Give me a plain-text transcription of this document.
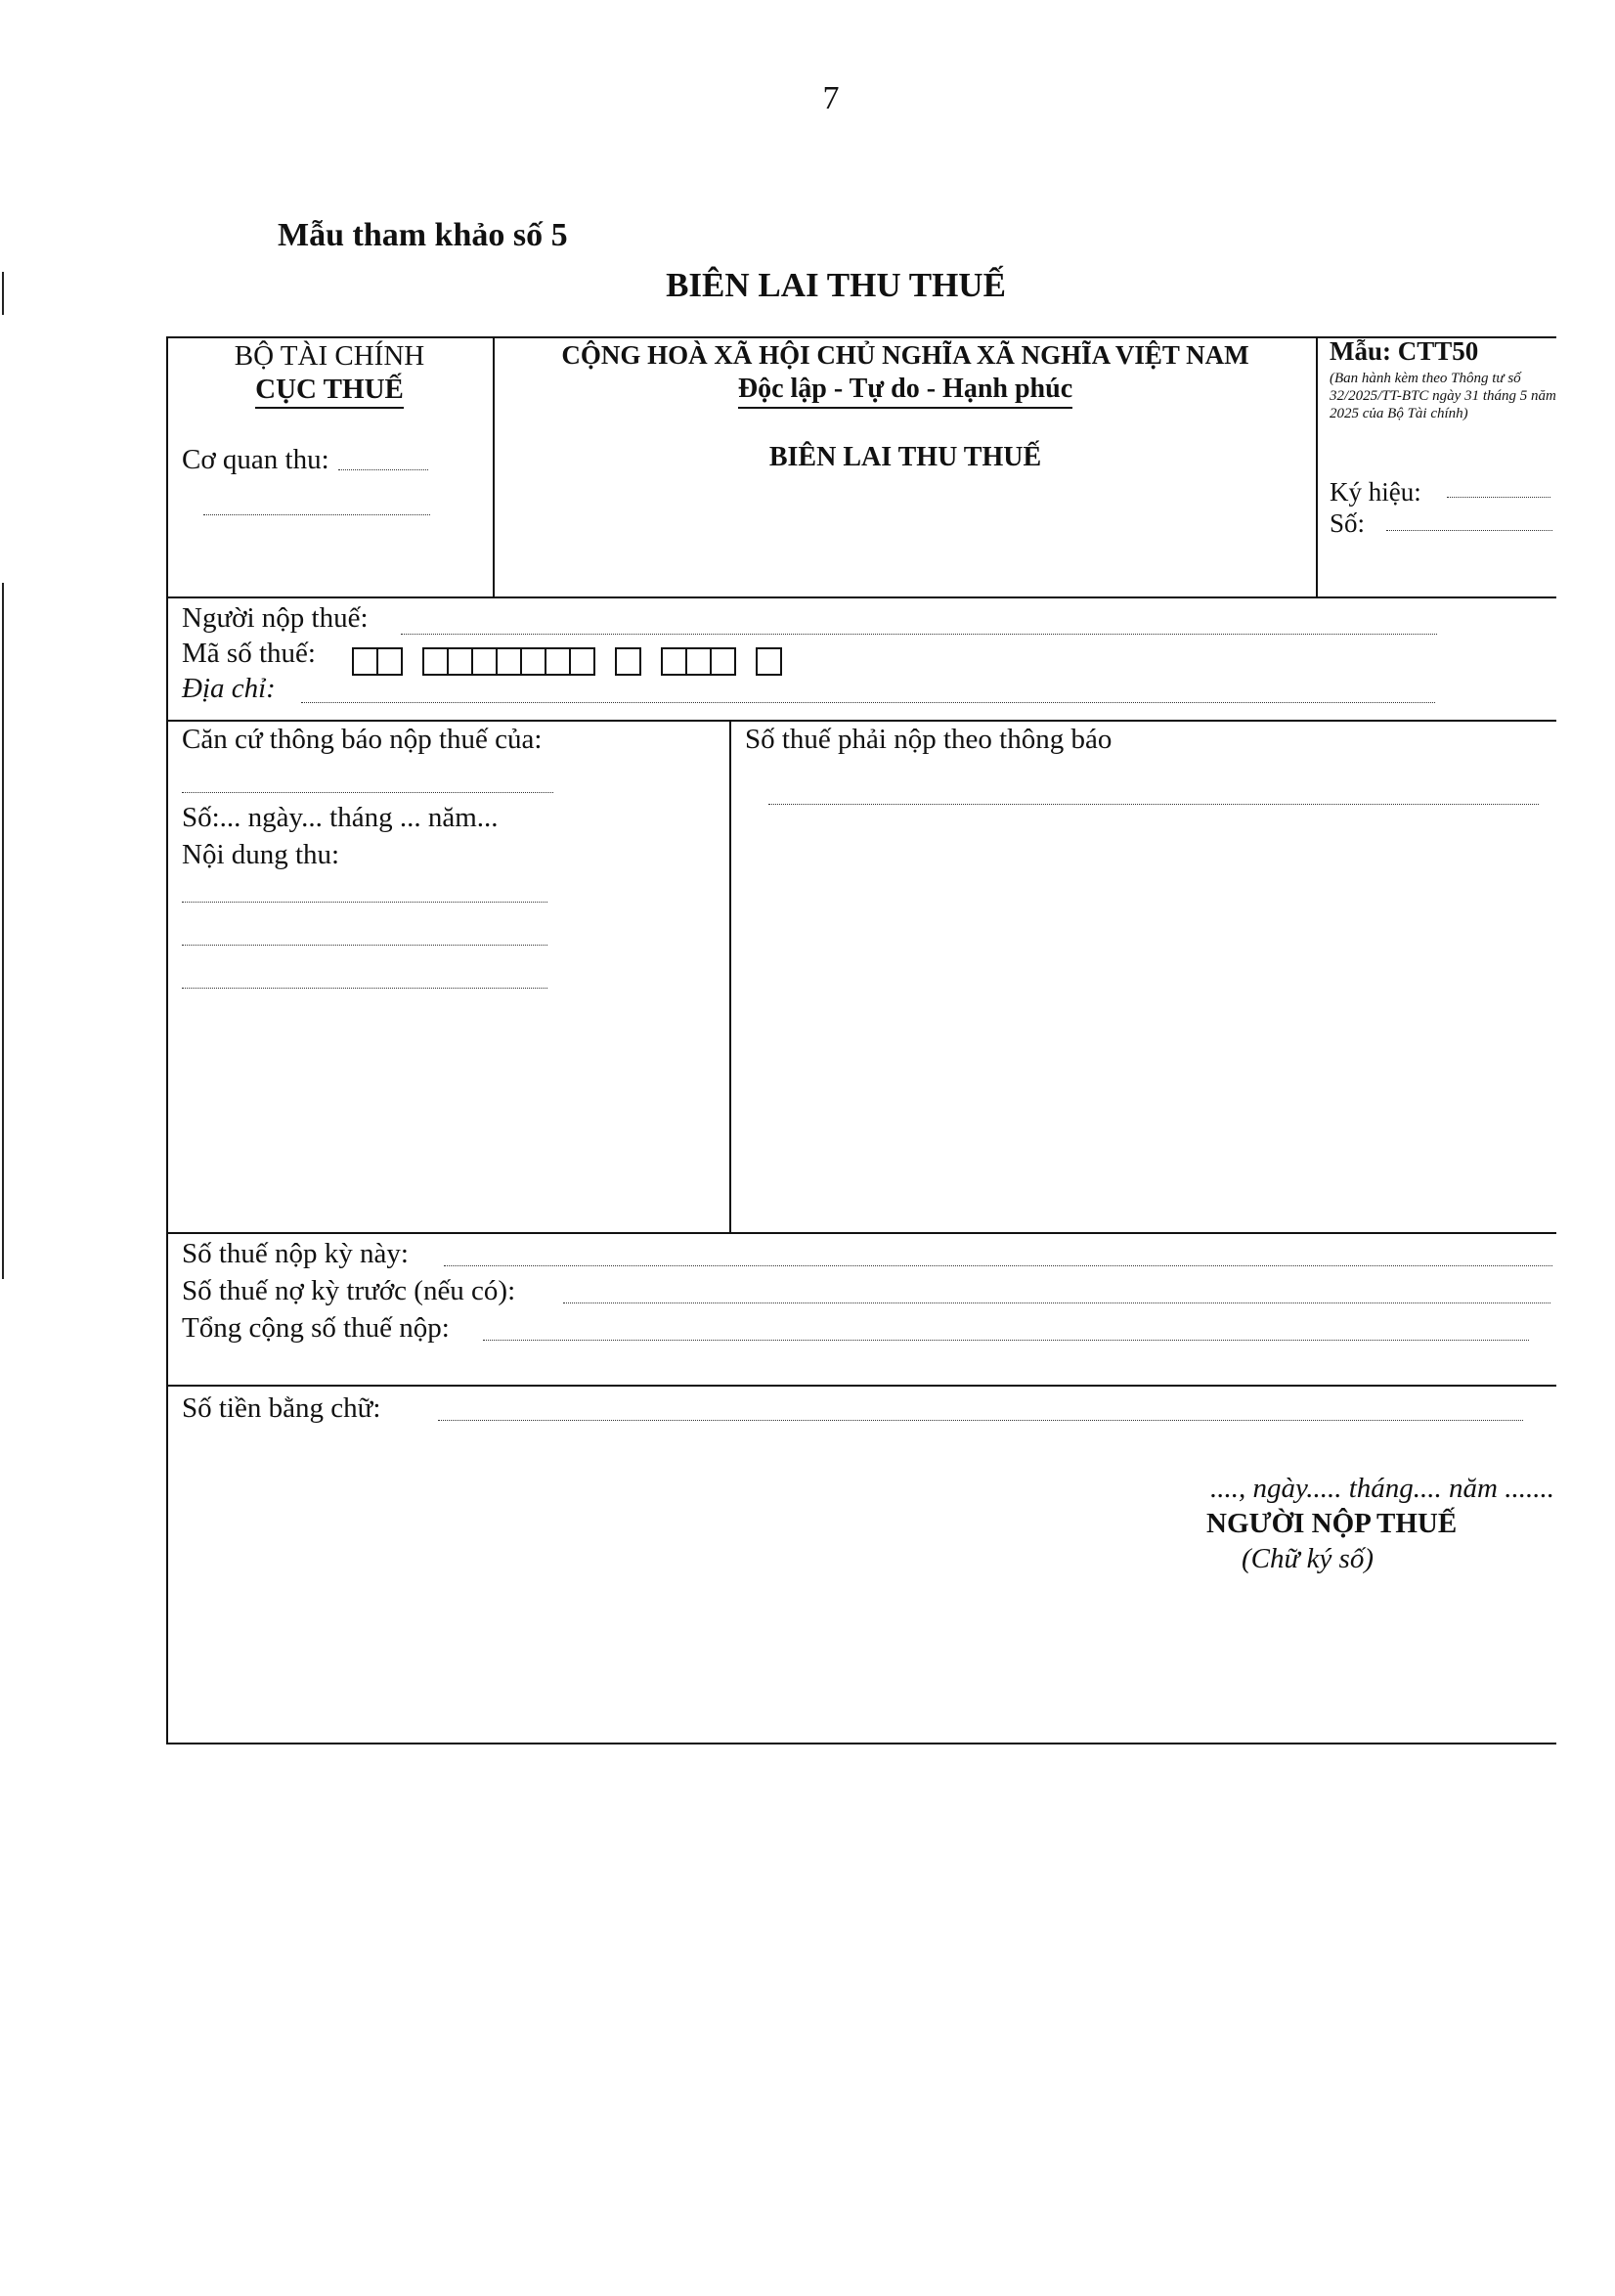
7
Mẫu tham khảo số 5
BIÊN LAI THU THUẾ
BỘ TÀI CHÍNH
CỤC THUẾ
Cơ quan thu:
CỘNG HOÀ XÃ HỘI CHỦ NGHĨA XÃ NGHĨA VIỆT NAM
Độc lập - Tự do - Hạnh phúc
BIÊN LAI THU THUẾ
Mẫu: CTT50
(Ban hành kèm theo Thông tư số 32/2025/TT-BTC ngày 31 tháng 5 năm 2025 của Bộ Tài chính)
Ký hiệu:
Số:
Người nộp thuế:
Mã số thuế:
Địa chỉ:
Căn cứ thông báo nộp thuế của:
Số:... ngày... tháng ... năm...
Nội dung thu:
Số thuế phải nộp theo thông báo
Số thuế nộp kỳ này:
Số thuế nợ kỳ trước (nếu có):
Tổng cộng số thuế nộp:
Số tiền bằng chữ:
...., ngày..... tháng.... năm .......
NGƯỜI NỘP THUẾ
(Chữ ký số)
